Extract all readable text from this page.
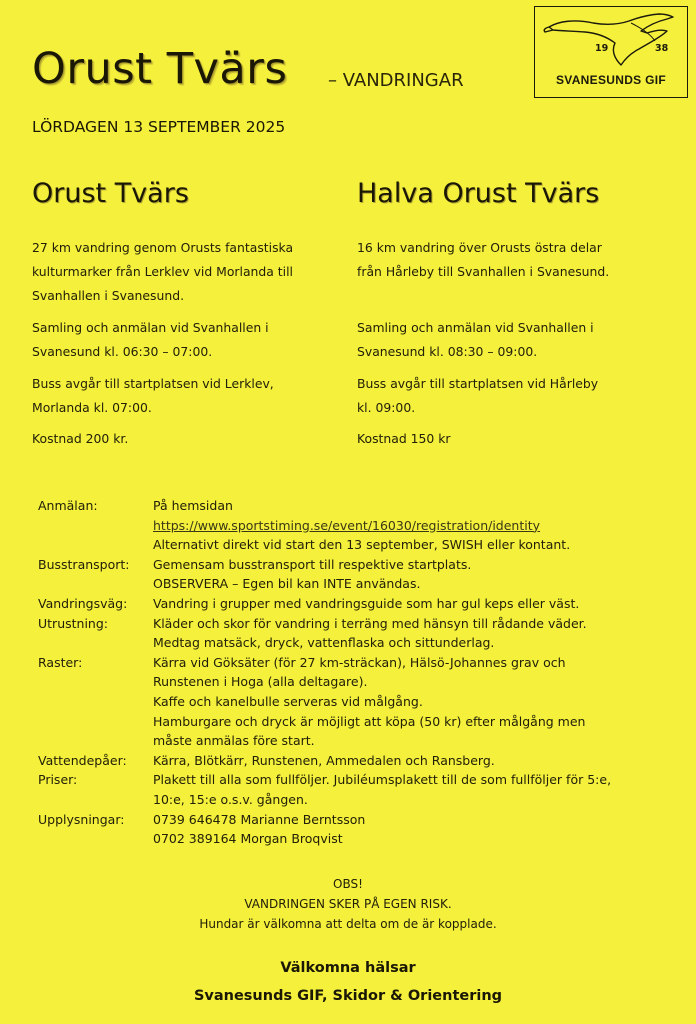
Orust Tvärs – VANDRINGAR
LÖRDAGEN 13 SEPTEMBER 2025
19	38
SVANESUNDS GIF
Orust Tvärs
27 km vandring genom Orusts fantastiska
kulturmarker från Lerklev vid Morlanda till
Svanhallen i Svanesund.
Samling och anmälan vid Svanhallen i
Svanesund kl. 06:30 – 07:00.
Buss avgår till startplatsen vid Lerklev,
Morlanda kl. 07:00.
Kostnad 200 kr.
Halva Orust Tvärs
16 km vandring över Orusts östra delar
från Hårleby till Svanhallen i Svanesund.
Samling och anmälan vid Svanhallen i
Svanesund kl. 08:30 – 09:00.
Buss avgår till startplatsen vid Hårleby
kl. 09:00.
Kostnad 150 kr
Anmälan:	På hemsidan
https://www.sportstiming.se/event/16030/registration/identity
Alternativt direkt vid start den 13 september, SWISH eller kontant.
Busstransport:	Gemensam busstransport till respektive startplats.
OBSERVERA – Egen bil kan INTE användas.
Vandringsväg:	Vandring i grupper med vandringsguide som har gul keps eller väst.
Utrustning:	Kläder och skor för vandring i terräng med hänsyn till rådande väder.
Medtag matsäck, dryck, vattenflaska och sittunderlag.
Raster:	Kärra vid Göksäter (för 27 km-sträckan), Hälsö-Johannes grav och
Runstenen i Hoga (alla deltagare).
Kaffe och kanelbulle serveras vid målgång.
Hamburgare och dryck är möjligt att köpa (50 kr) efter målgång men
måste anmälas före start.
Vattendepåer:	Kärra, Blötkärr, Runstenen, Ammedalen och Ransberg.
Priser:	Plakett till alla som fullföljer. Jubiléumsplakett till de som fullföljer för 5:e,
10:e, 15:e o.s.v. gången.
Upplysningar:	0739 646478 Marianne Berntsson
0702 389164 Morgan Broqvist
OBS!
VANDRINGEN SKER PÅ EGEN RISK.
Hundar är välkomna att delta om de är kopplade.
Välkomna hälsar
Svanesunds GIF, Skidor & Orientering
